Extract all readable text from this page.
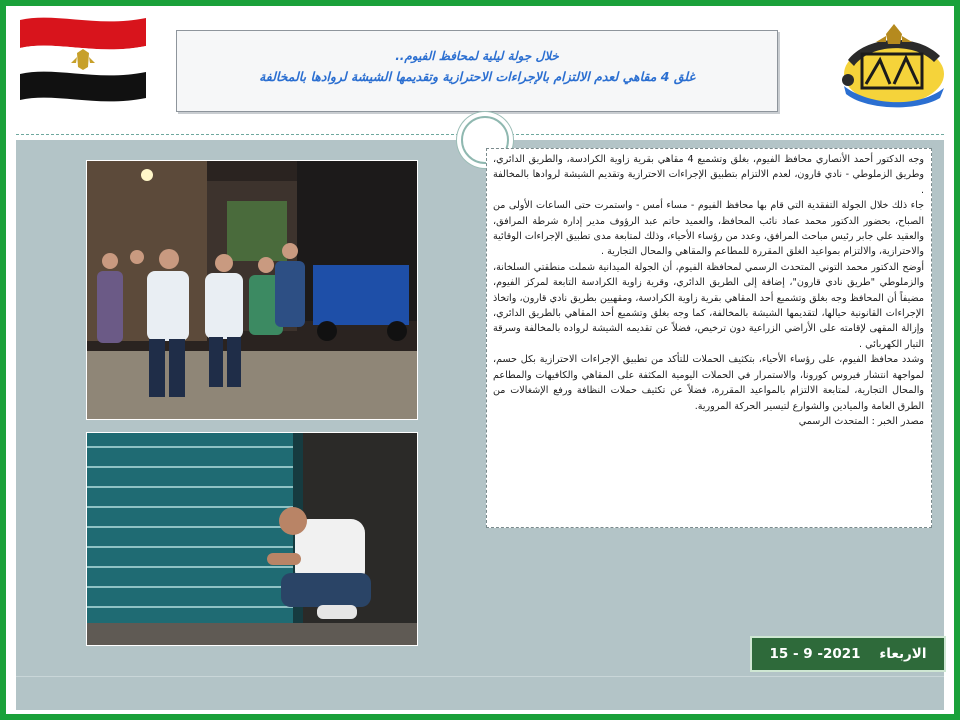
خلال جولة ليلية لمحافظ الفيوم..
غلق 4 مقاهي لعدم الالتزام بالإجراءات الاحترازية وتقديمها الشيشة لروادها بالمخالفة

وجه الدكتور أحمد الأنصاري محافظ الفيوم، بغلق وتشميع 4 مقاهي بقرية زاوية الكرادسة، والطريق الدائري، وطريق الزملوطي - نادي قارون، لعدم الالتزام بتطبيق الإجراءات الاحترازية وتقديم الشيشة لروادها بالمخالفة .

جاء ذلك خلال الجولة التفقدية التي قام بها محافظ الفيوم - مساء أمس - واستمرت حتى الساعات الأولى من الصباح، بحضور الدكتور محمد عماد نائب المحافظ، والعميد حاتم عبد الرؤوف مدير إدارة شرطة المرافق، والعقيد علي جابر رئيس مباحث المرافق، وعدد من رؤساء الأحياء، وذلك لمتابعة مدى تطبيق الإجراءات الوقائية والاحترازية، والالتزام بمواعيد الغلق المقررة للمطاعم والمقاهي والمحال التجارية .

أوضح الدكتور محمد التوني المتحدث الرسمي لمحافظة الفيوم، أن الجولة الميدانية شملت منطقتي السلخانة، والزملوطي "طريق نادي قارون"، إضافة إلى الطريق الدائري، وقرية زاوية الكرادسة التابعة لمركز الفيوم، مضيفاً أن المحافظ وجه بغلق وتشميع أحد المقاهي بقرية زاوية الكرادسة، ومقهيين بطريق نادي قارون، واتخاذ الإجراءات القانونية حيالها، لتقديمها الشيشة بالمخالفة، كما وجه بغلق وتشميع أحد المقاهي بالطريق الدائري، وإزالة المقهى لإقامته على الأراضي الزراعية دون ترخيص، فضلاً عن تقديمه الشيشة لرواده بالمخالفة وسرقة التيار الكهربائي .

وشدد محافظ الفيوم، على رؤساء الأحياء، بتكثيف الحملات للتأكد من تطبيق الإجراءات الاحترازية بكل حسم، لمواجهة انتشار فيروس كورونا، والاستمرار في الحملات اليومية المكثفة على المقاهي والكافيهات والمطاعم والمحال التجارية، لمتابعة الالتزام بالمواعيد المقررة، فضلاً عن تكثيف حملات النظافة ورفع الإشغالات من الطرق العامة والميادين والشوارع لتيسير الحركة المرورية.

مصدر الخبر : المتحدث الرسمي

الاربعاء    15 - 9 -2021
